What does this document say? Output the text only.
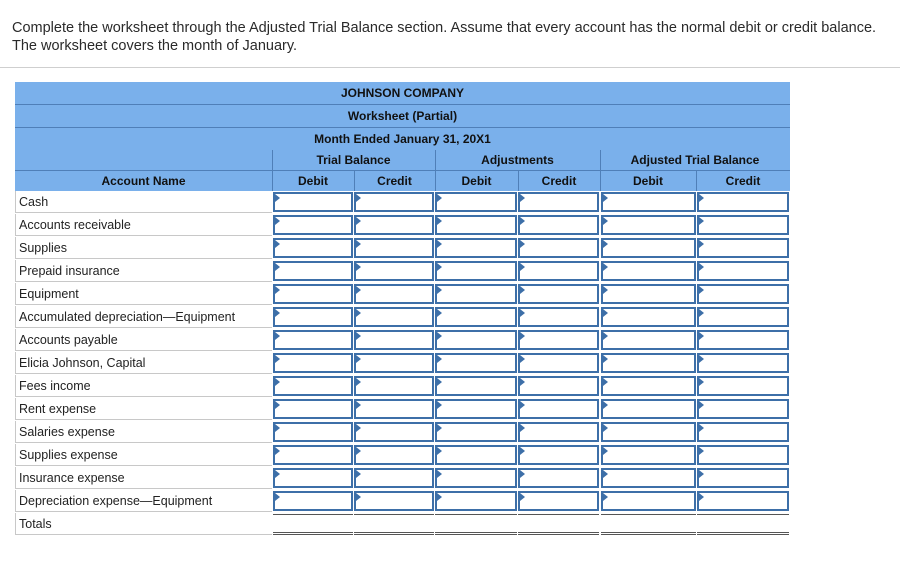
Complete the worksheet through the Adjusted Trial Balance section. Assume that every account has the normal debit or credit balance. The worksheet covers the month of January.
JOHNSON COMPANY
Worksheet (Partial)
Month Ended January 31, 20X1
Trial Balance	Adjustments	Adjusted Trial Balance
Account Name	Debit	Credit	Debit	Credit	Debit	Credit
Cash
Accounts receivable
Supplies
Prepaid insurance
Equipment
Accumulated depreciation—Equipment
Accounts payable
Elicia Johnson, Capital
Fees income
Rent expense
Salaries expense
Supplies expense
Insurance expense
Depreciation expense—Equipment
Totals
